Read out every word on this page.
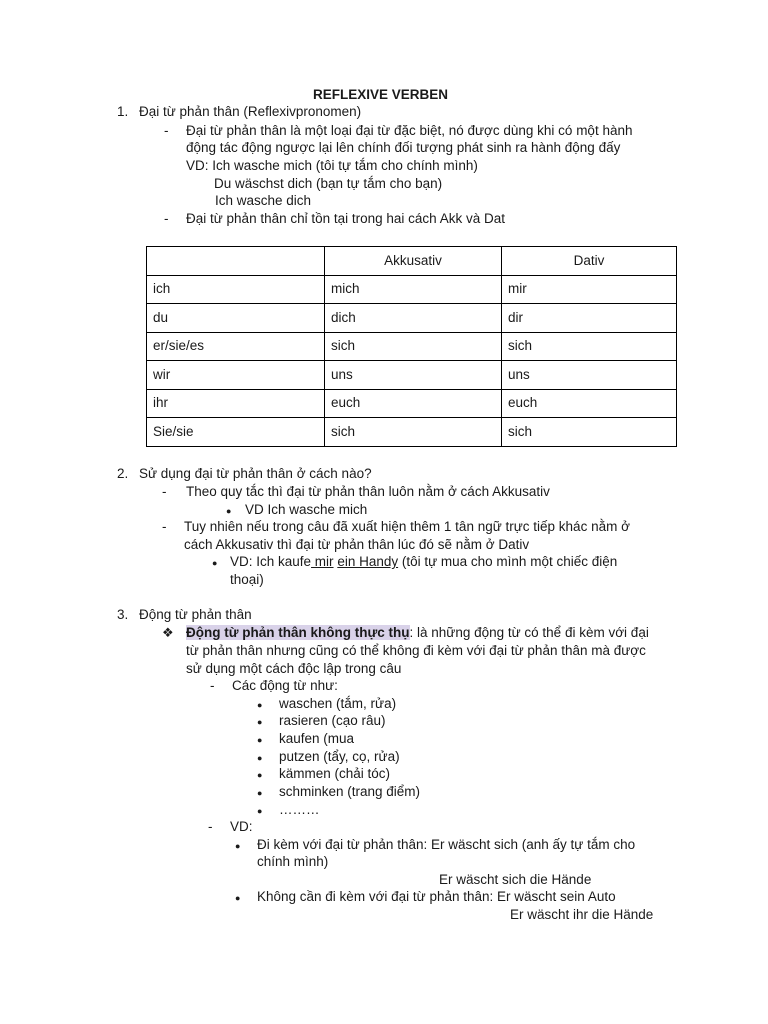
REFLEXIVE VERBEN
1. Đại từ phản thân (Reflexivpronomen)
- Đại từ phản thân là một loại đại từ đặc biệt, nó được dùng khi có một hành
động tác động ngược lại lên chính đối tượng phát sinh ra hành động đấy
VD: Ich wasche mich (tôi tự tắm cho chính mình)
Du wäschst dich (bạn tự tắm cho bạn)
Ich wasche dich
- Đại từ phản thân chỉ tồn tại trong hai cách Akk và Dat
	Akkusativ	Dativ
ich	mich	mir
du	dich	dir
er/sie/es	sich	sich
wir	uns	uns
ihr	euch	euch
Sie/sie	sich	sich
2. Sử dụng đại từ phản thân ở cách nào?
- Theo quy tắc thì đại từ phản thân luôn nằm ở cách Akkusativ
●
VD Ich wasche mich
- Tuy nhiên nếu trong câu đã xuất hiện thêm 1 tân ngữ trực tiếp khác nằm ở
cách Akkusativ thì đại từ phản thân lúc đó sẽ nằm ở Dativ
●
VD: Ich kaufe mir ein Handy (tôi tự mua cho mình một chiếc điện
thoại)
3. Động từ phản thân
❖ Động từ phản thân không thực thụ: là những động từ có thể đi kèm với đại
từ phản thân nhưng cũng có thể không đi kèm với đại từ phản thân mà được
sử dụng một cách độc lập trong câu
- Các động từ như:
●
waschen (tắm, rửa)
●
rasieren (cạo râu)
●
kaufen (mua
●
putzen (tẩy, cọ, rửa)
●
kämmen (chải tóc)
●
schminken (trang điểm)
●
………
- VD:
●
Đi kèm với đại từ phản thân: Er wäscht sich (anh ấy tự tắm cho
chính mình)
Er wäscht sich die Hände
●
Không cần đi kèm với đại từ phản thân: Er wäscht sein Auto
Er wäscht ihr die Hände
